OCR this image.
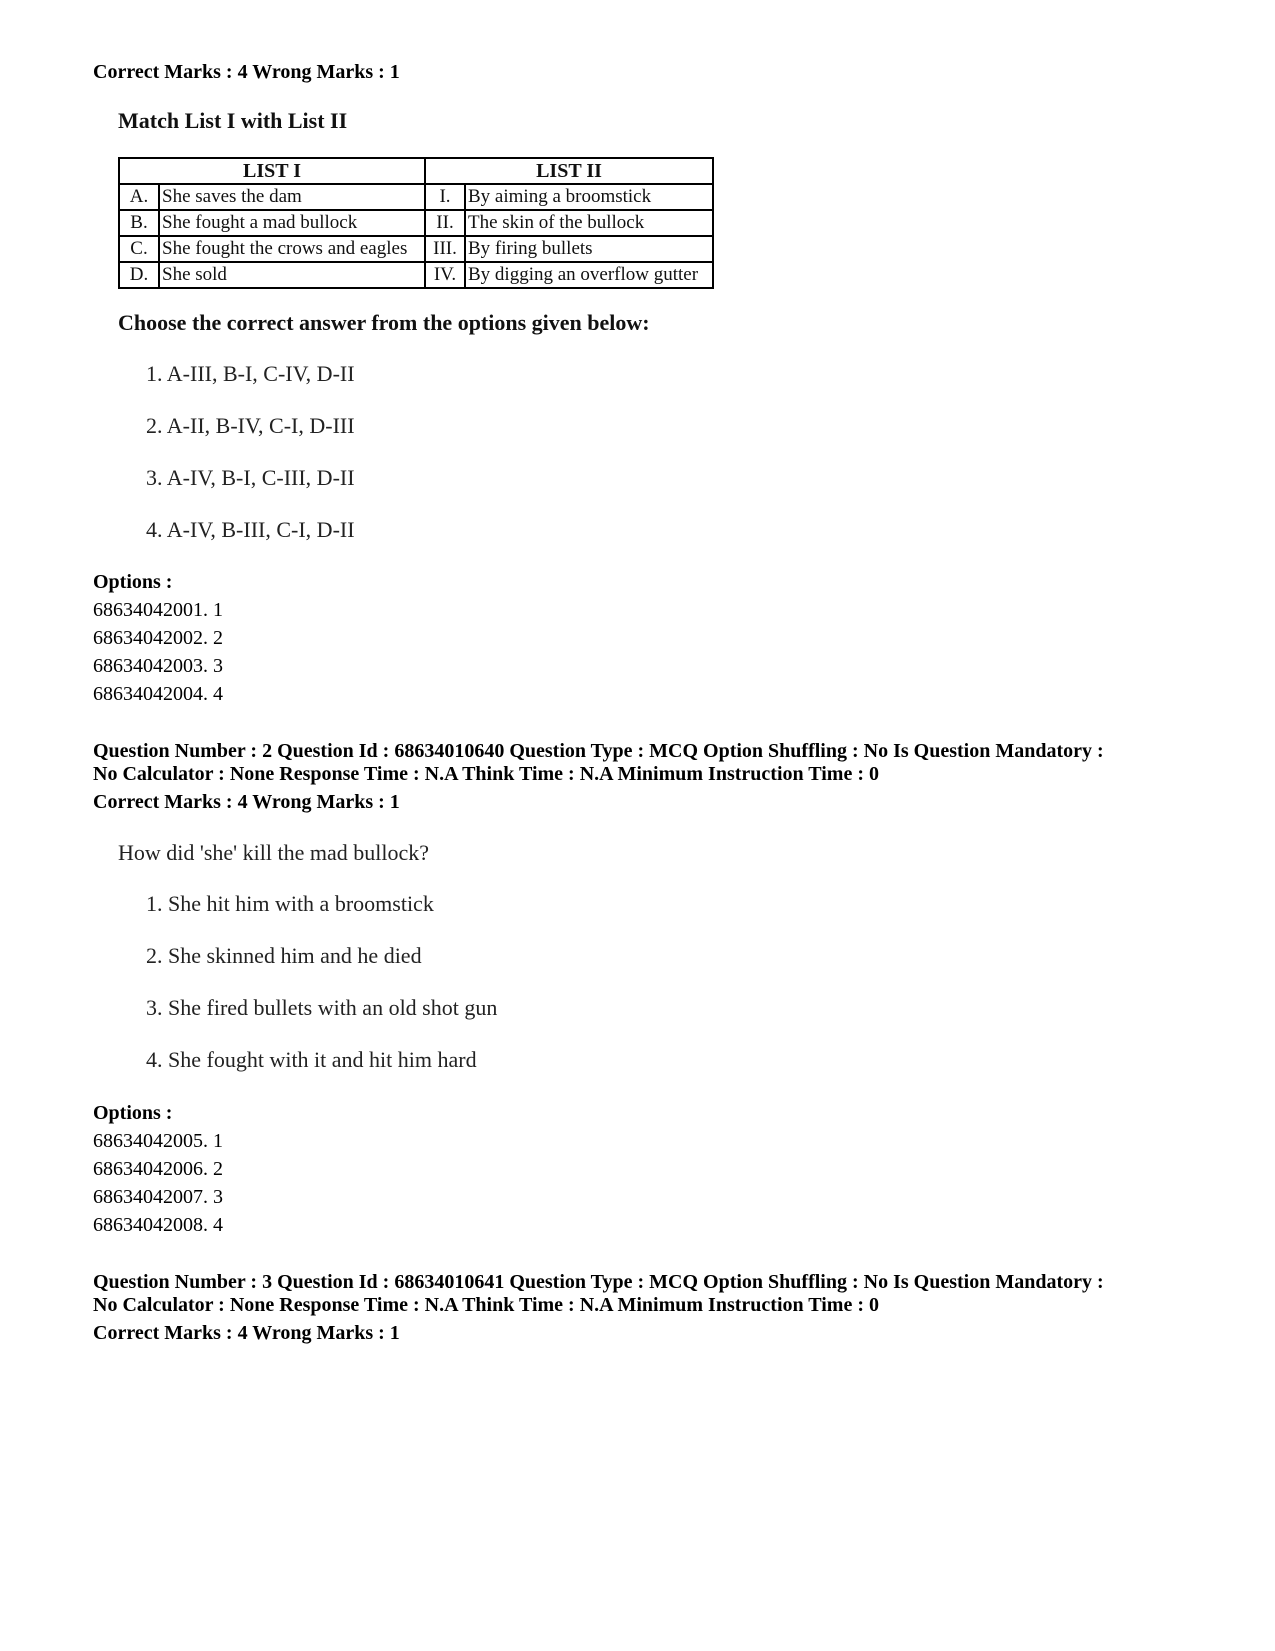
Correct Marks : 4 Wrong Marks : 1

Match List I with List II

LIST I		LIST II	
A.	She saves the dam	I.	By aiming a broomstick
B.	She fought a mad bullock	II.	The skin of the bullock
C.	She fought the crows and eagles	III.	By firing bullets
D.	She sold	IV.	By digging an overflow gutter

Choose the correct answer from the options given below:

1. A-III, B-I, C-IV, D-II

2. A-II, B-IV, C-I, D-III

3. A-IV, B-I, C-III, D-II

4. A-IV, B-III, C-I, D-II

Options :

68634042001. 1

68634042002. 2

68634042003. 3

68634042004. 4

Question Number : 2 Question Id : 68634010640 Question Type : MCQ Option Shuffling : No Is Question Mandatory :

No Calculator : None Response Time : N.A Think Time : N.A Minimum Instruction Time : 0

Correct Marks : 4 Wrong Marks : 1

How did 'she' kill the mad bullock?

1. She hit him with a broomstick

2. She skinned him and he died

3. She fired bullets with an old shot gun

4. She fought with it and hit him hard

Options :

68634042005. 1

68634042006. 2

68634042007. 3

68634042008. 4

Question Number : 3 Question Id : 68634010641 Question Type : MCQ Option Shuffling : No Is Question Mandatory :

No Calculator : None Response Time : N.A Think Time : N.A Minimum Instruction Time : 0

Correct Marks : 4 Wrong Marks : 1
